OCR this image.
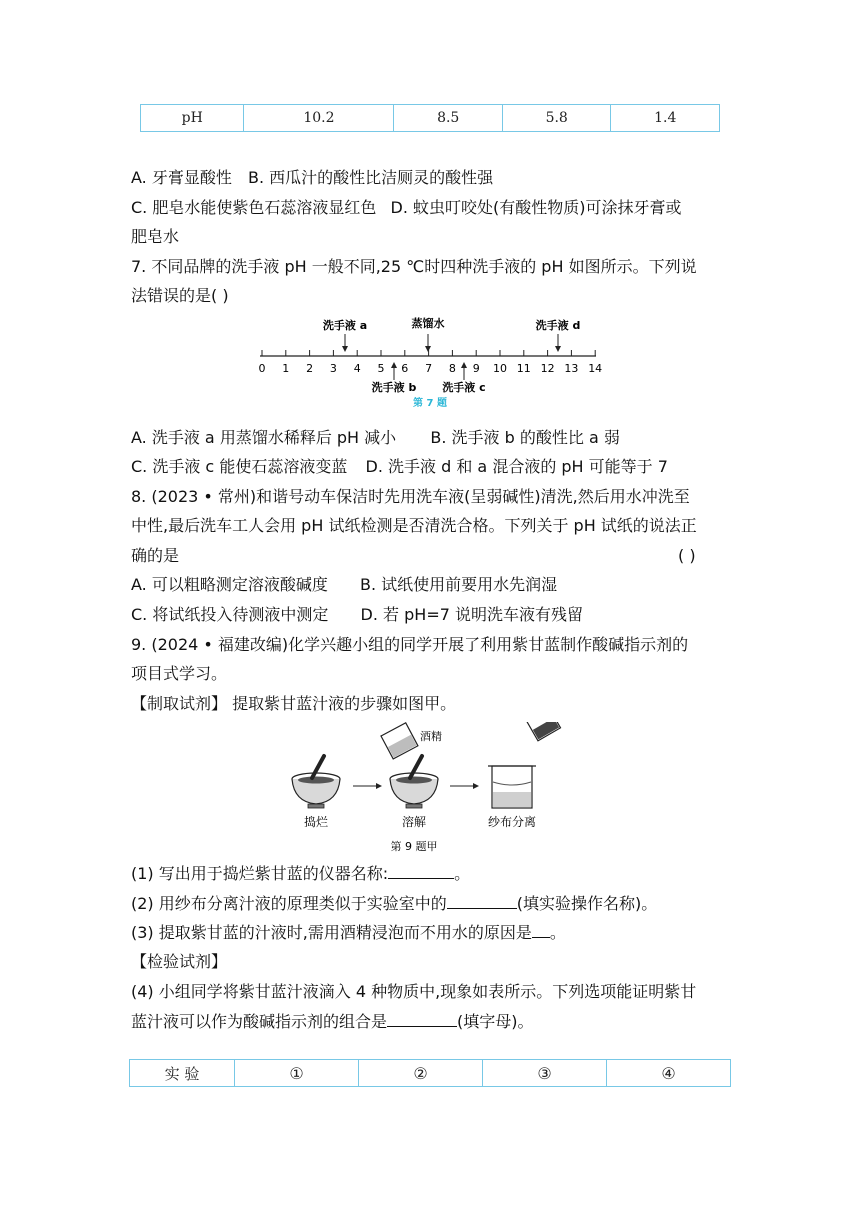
pH	10.2	8.5	5.8	1.4
A. 牙膏显酸性 B. 西瓜汁的酸性比洁厕灵的酸性强
C. 肥皂水能使紫色石蕊溶液显红色 D. 蚊虫叮咬处(有酸性物质)可涂抹牙膏或
肥皂水
7. 不同品牌的洗手液 pH 一般不同,25 ℃时四种洗手液的 pH 如图所示。下列说
法错误的是( )
0 1 2 3 4 5 6 7 8 9 10 11 12 13 14
洗手液 a	蒸馏水	洗手液 d
洗手液 b 洗手液 c
第 7 题
A. 洗手液 a 用蒸馏水稀释后 pH 减小 B. 洗手液 b 的酸性比 a 弱
C. 洗手液 c 能使石蕊溶液变蓝 D. 洗手液 d 和 a 混合液的 pH 可能等于 7
8. (2023 • 常州)和谐号动车保洁时先用洗车液(呈弱碱性)清洗,然后用水冲洗至
中性,最后洗车工人会用 pH 试纸检测是否清洗合格。下列关于 pH 试纸的说法正
确的是	( )
A. 可以粗略测定溶液酸碱度 B. 试纸使用前要用水先润湿
C. 将试纸投入待测液中测定 D. 若 pH=7 说明洗车液有残留
9. (2024 • 福建改编)化学兴趣小组的同学开展了利用紫甘蓝制作酸碱指示剂的
项目式学习。
【制取试剂】 提取紫甘蓝汁液的步骤如图甲。
酒精
捣烂	溶解	纱布分离
第 9 题甲
(1) 写出用于捣烂紫甘蓝的仪器名称:	。
(2) 用纱布分离汁液的原理类似于实验室中的	(填实验操作名称)。
(3) 提取紫甘蓝的汁液时,需用酒精浸泡而不用水的原因是 。
【检验试剂】
(4) 小组同学将紫甘蓝汁液滴入 4 种物质中,现象如表所示。下列选项能证明紫甘
蓝汁液可以作为酸碱指示剂的组合是	(填字母)。
实 验	①	②	③	④
